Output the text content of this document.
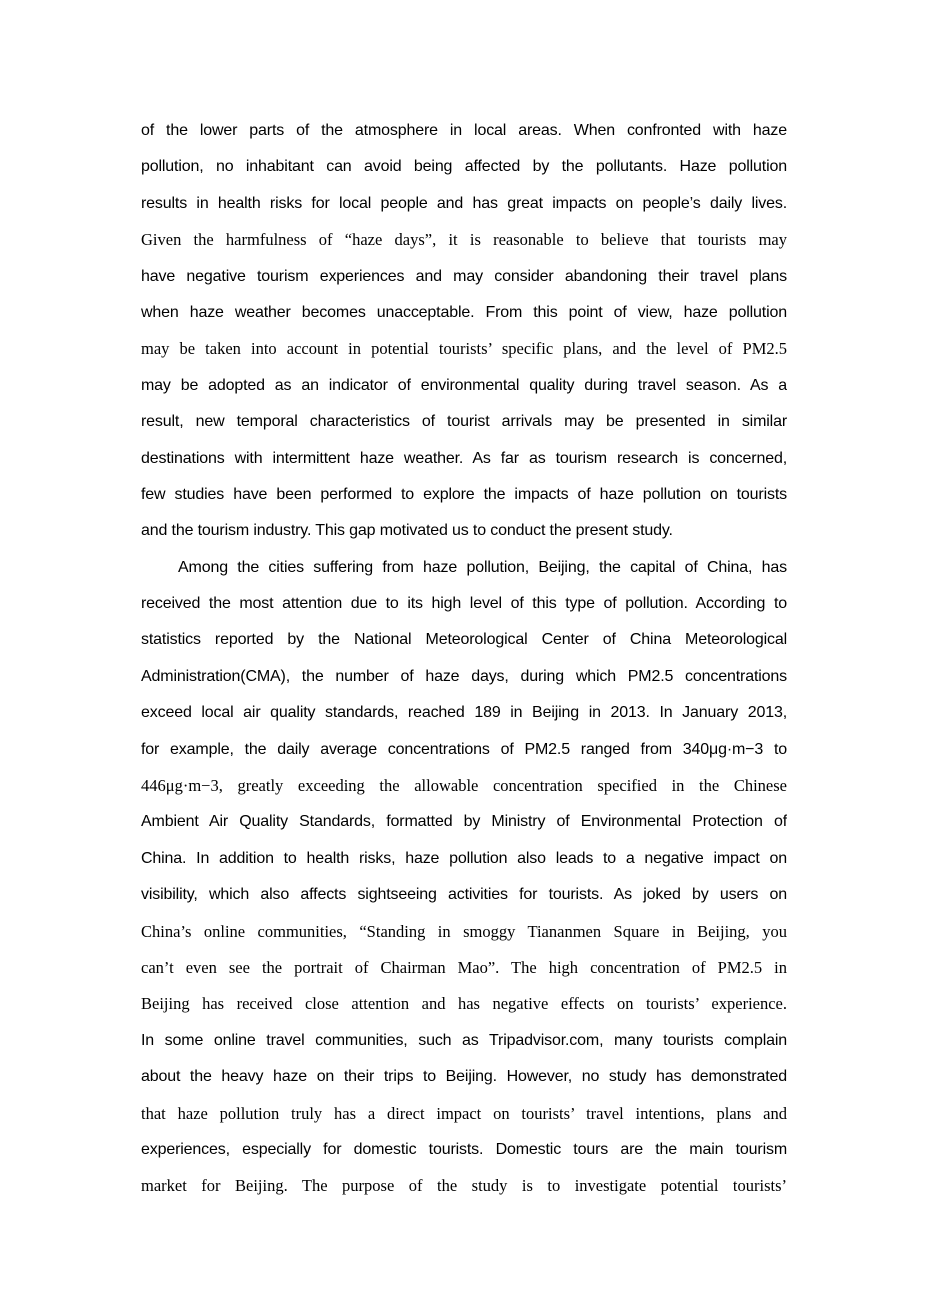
of the lower parts of the atmosphere in local areas. When confronted with haze
pollution, no inhabitant can avoid being affected by the pollutants. Haze pollution
results in health risks for local people and has great impacts on people’s daily lives.
Given the harmfulness of “haze days”, it is reasonable to believe that tourists may
have negative tourism experiences and may consider abandoning their travel plans
when haze weather becomes unacceptable. From this point of view, haze pollution
may be taken into account in potential tourists’ specific plans, and the level of PM2.5
may be adopted as an indicator of environmental quality during travel season. As a
result, new temporal characteristics of tourist arrivals may be presented in similar
destinations with intermittent haze weather. As far as tourism research is concerned,
few studies have been performed to explore the impacts of haze pollution on tourists
and the tourism industry. This gap motivated us to conduct the present study.
Among the cities suffering from haze pollution, Beijing, the capital of China, has
received the most attention due to its high level of this type of pollution. According to
statistics reported by the National Meteorological Center of China Meteorological
Administration(CMA), the number of haze days, during which PM2.5 concentrations
exceed local air quality standards, reached 189 in Beijing in 2013. In January 2013,
for example, the daily average concentrations of PM2.5 ranged from 340μg·m−3 to
446μg·m−3, greatly exceeding the allowable concentration specified in the Chinese
Ambient Air Quality Standards, formatted by Ministry of Environmental Protection of
China. In addition to health risks, haze pollution also leads to a negative impact on
visibility, which also affects sightseeing activities for tourists. As joked by users on
China’s online communities, “Standing in smoggy Tiananmen Square in Beijing, you
can’t even see the portrait of Chairman Mao”. The high concentration of PM2.5 in
Beijing has received close attention and has negative effects on tourists’ experience.
In some online travel communities, such as Tripadvisor.com, many tourists complain
about the heavy haze on their trips to Beijing. However, no study has demonstrated
that haze pollution truly has a direct impact on tourists’ travel intentions, plans and
experiences, especially for domestic tourists. Domestic tours are the main tourism
market for Beijing. The purpose of the study is to investigate potential tourists’
